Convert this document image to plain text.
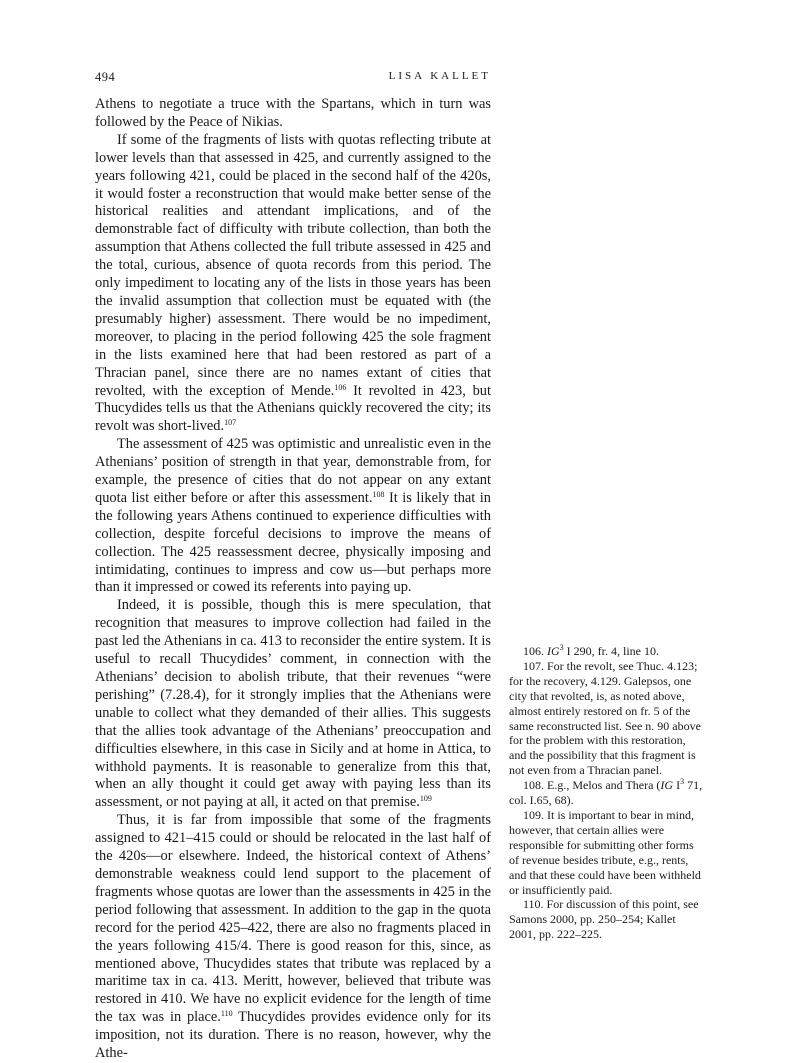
494	LISA KALLET

Athens to negotiate a truce with the Spartans, which in turn was followed by the Peace of Nikias.

If some of the fragments of lists with quotas reflecting tribute at lower levels than that assessed in 425, and currently assigned to the years following 421, could be placed in the second half of the 420s, it would foster a reconstruction that would make better sense of the historical realities and attendant implications, and of the demonstrable fact of difficulty with tribute collection, than both the assumption that Athens collected the full tribute assessed in 425 and the total, curious, absence of quota records from this period. The only impediment to locating any of the lists in those years has been the invalid assumption that collection must be equated with (the presumably higher) assessment. There would be no impediment, moreover, to placing in the period following 425 the sole fragment in the lists examined here that had been restored as part of a Thracian panel, since there are no names extant of cities that revolted, with the exception of Mende.$^{106}$ It revolted in 423, but Thucydides tells us that the Athenians quickly recovered the city; its revolt was short-lived.$^{107}$

The assessment of 425 was optimistic and unrealistic even in the Athenians’ position of strength in that year, demonstrable from, for example, the presence of cities that do not appear on any extant quota list either before or after this assessment.$^{108}$ It is likely that in the following years Athens continued to experience difficulties with collection, despite forceful decisions to improve the means of collection. The 425 reassessment decree, physically imposing and intimidating, continues to impress and cow us—but perhaps more than it impressed or cowed its referents into paying up.

Indeed, it is possible, though this is mere speculation, that recognition that measures to improve collection had failed in the past led the Athenians in ca. 413 to reconsider the entire system. It is useful to recall Thucydides’ comment, in connection with the Athenians’ decision to abolish tribute, that their revenues “were perishing” (7.28.4), for it strongly implies that the Athenians were unable to collect what they demanded of their allies. This suggests that the allies took advantage of the Athenians’ preoccupation and difficulties elsewhere, in this case in Sicily and at home in Attica, to withhold payments. It is reasonable to generalize from this that, when an ally thought it could get away with paying less than its assessment, or not paying at all, it acted on that premise.$^{109}$

Thus, it is far from impossible that some of the fragments assigned to 421–415 could or should be relocated in the last half of the 420s—or elsewhere. Indeed, the historical context of Athens’ demonstrable weakness could lend support to the placement of fragments whose quotas are lower than the assessments in 425 in the period following that assessment. In addition to the gap in the quota record for the period 425–422, there are also no fragments placed in the years following 415/4. There is good reason for this, since, as mentioned above, Thucydides states that tribute was replaced by a maritime tax in ca. 413. Meritt, however, believed that tribute was restored in 410. We have no explicit evidence for the length of time the tax was in place.$^{110}$ Thucydides provides evidence only for its imposition, not its duration. There is no reason, however, why the Athe-

106. $IG^3$ I 290, fr. 4, line 10.

107. For the revolt, see Thuc. 4.123; for the recovery, 4.129. Galepsos, one city that revolted, is, as noted above, almost entirely restored on fr. 5 of the same reconstructed list. See n. 90 above for the problem with this restoration, and the possibility that this fragment is not even from a Thracian panel.

108. E.g., Melos and Thera (IG $I^3$ 71, col. I.65, 68).

109. It is important to bear in mind, however, that certain allies were responsible for submitting other forms of revenue besides tribute, e.g., rents, and that these could have been withheld or insufficiently paid.

110. For discussion of this point, see Samons 2000, pp. 250–254; Kallet 2001, pp. 222–225.
